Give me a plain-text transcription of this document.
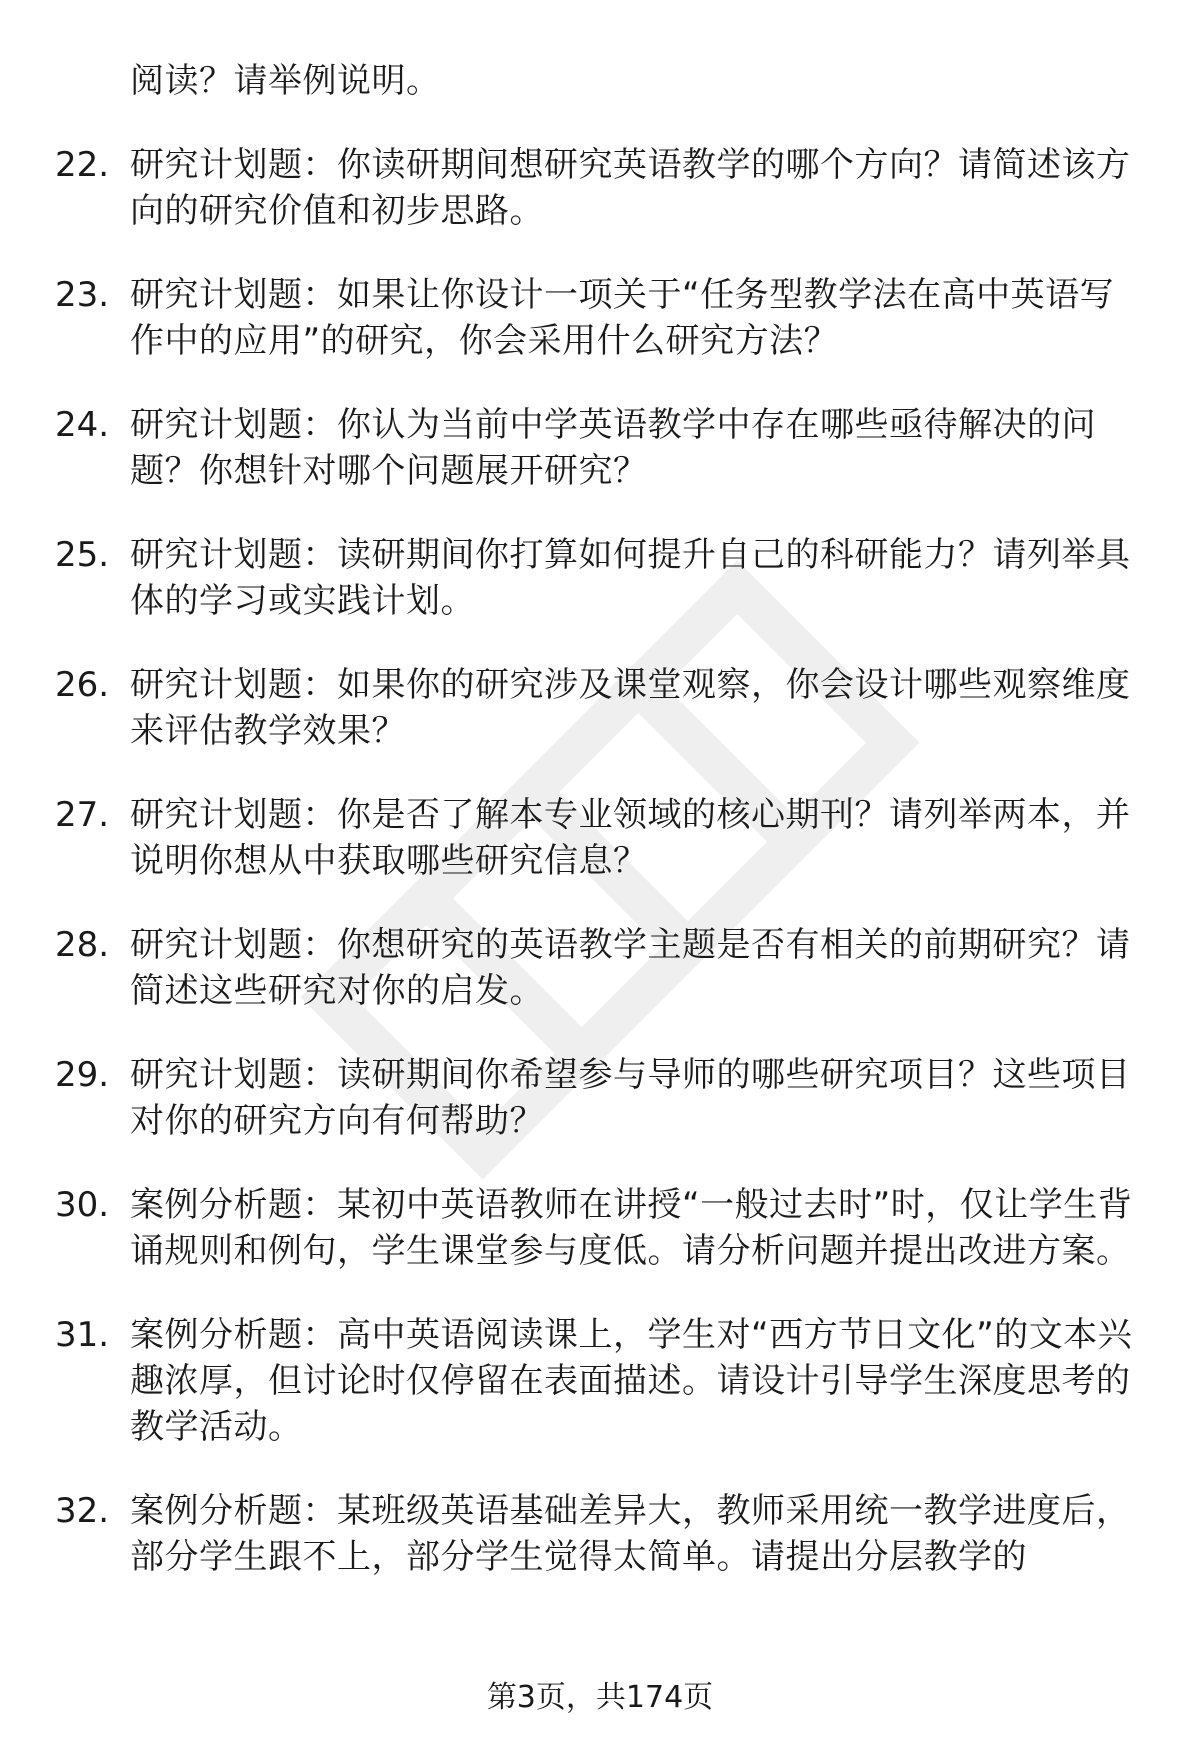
阅读？请举例说明。
22. 研究计划题：你读研期间想研究英语教学的哪个方向？请简述该方向的研究价值和初步思路。
23. 研究计划题：如果让你设计一项关于“任务型教学法在高中英语写作中的应用”的研究，你会采用什么研究方法？
24. 研究计划题：你认为当前中学英语教学中存在哪些亟待解决的问题？你想针对哪个问题展开研究？
25. 研究计划题：读研期间你打算如何提升自己的科研能力？请列举具体的学习或实践计划。
26. 研究计划题：如果你的研究涉及课堂观察，你会设计哪些观察维度来评估教学效果？
27. 研究计划题：你是否了解本专业领域的核心期刊？请列举两本，并说明你想从中获取哪些研究信息？
28. 研究计划题：你想研究的英语教学主题是否有相关的前期研究？请简述这些研究对你的启发。
29. 研究计划题：读研期间你希望参与导师的哪些研究项目？这些项目对你的研究方向有何帮助？
30. 案例分析题：某初中英语教师在讲授“一般过去时”时，仅让学生背诵规则和例句，学生课堂参与度低。请分析问题并提出改进方案。
31. 案例分析题：高中英语阅读课上，学生对“西方节日文化”的文本兴趣浓厚，但讨论时仅停留在表面描述。请设计引导学生深度思考的教学活动。
32. 案例分析题：某班级英语基础差异大，教师采用统一教学进度后，部分学生跟不上，部分学生觉得太简单。请提出分层教学的
第3页，共174页
